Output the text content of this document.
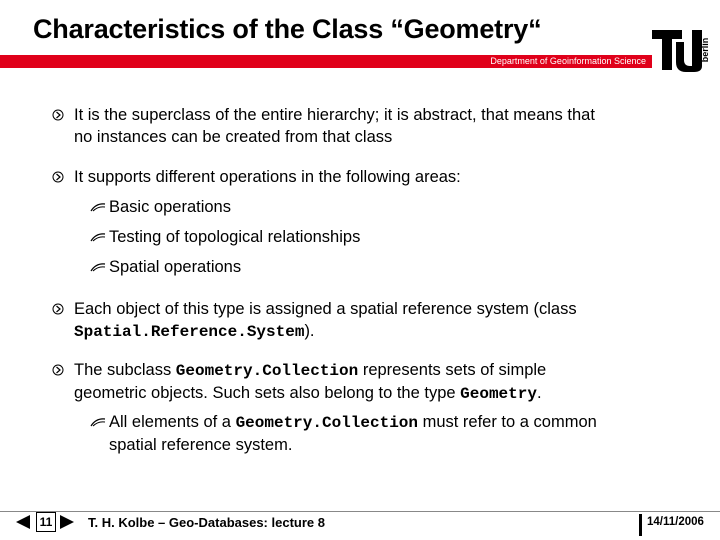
Characteristics of the Class “Geometry“
Department of Geoinformation Science	berlin
It is the superclass of the entire hierarchy; it is abstract, that means that
no instances can be created from that class
It supports different operations in the following areas:
Basic operations
Testing of topological relationships
Spatial operations
Each object of this type is assigned a spatial reference system (class
Spatial.Reference.System).
The subclass Geometry.Collection represents sets of simple
geometric objects. Such sets also belong to the type Geometry.
All elements of a Geometry.Collection must refer to a common
spatial reference system.
11	T. H. Kolbe – Geo-Databases: lecture 8	14/11/2006
